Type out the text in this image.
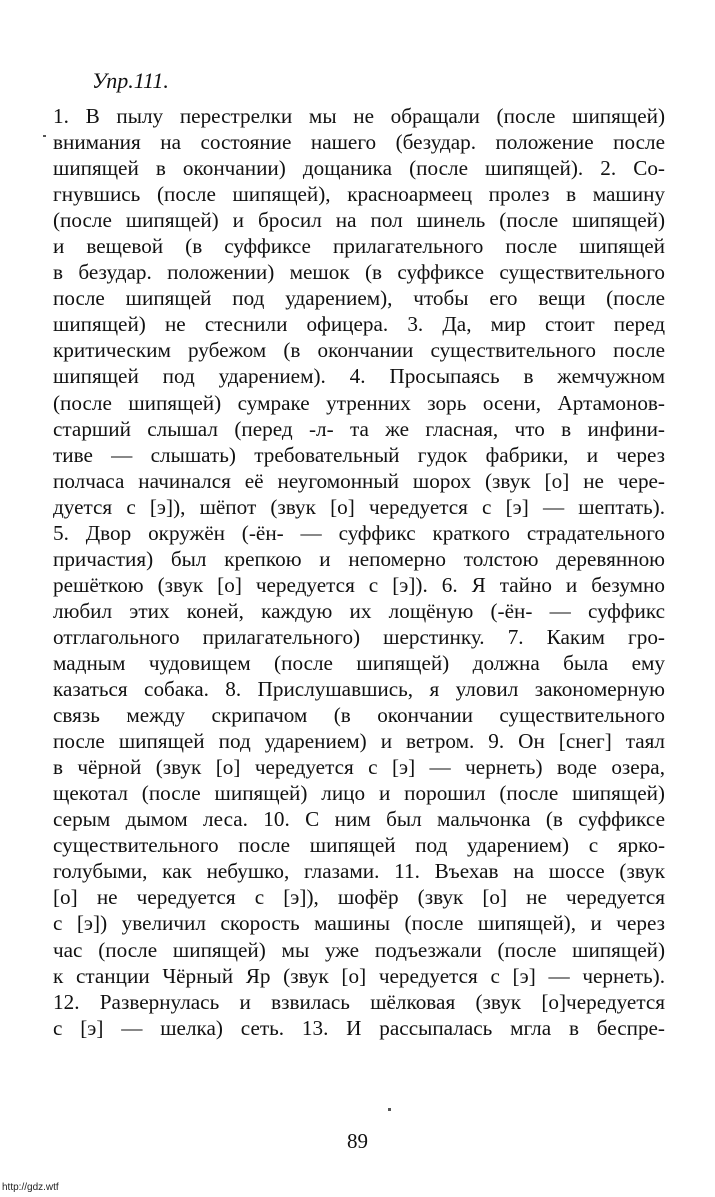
Упр.111.
1. В пылу перестрелки мы не обращали (после шипящей)
внимания на состояние нашего (безудар. положение после
шипящей в окончании) дощаника (после шипящей). 2. Со-
гнувшись (после шипящей), красноармеец пролез в машину
(после шипящей) и бросил на пол шинель (после шипящей)
и вещевой (в суффиксе прилагательного после шипящей
в безудар. положении) мешок (в суффиксе существительного
после шипящей под ударением), чтобы его вещи (после
шипящей) не стеснили офицера. 3. Да, мир стоит перед
критическим рубежом (в окончании существительного после
шипящей под ударением). 4. Просыпаясь в жемчужном
(после шипящей) сумраке утренних зорь осени, Артамонов-
старший слышал (перед -л- та же гласная, что в инфини-
тиве — слышать) требовательный гудок фабрики, и через
полчаса начинался её неугомонный шорох (звук [о] не чере-
дуется с [э]), шёпот (звук [о] чередуется с [э] — шептать).
5. Двор окружён (-ён- — суффикс краткого страдательного
причастия) был крепкою и непомерно толстою деревянною
решёткою (звук [о] чередуется с [э]). 6. Я тайно и безумно
любил этих коней, каждую их лощёную (-ён- — суффикс
отглагольного прилагательного) шерстинку. 7. Каким гро-
мадным чудовищем (после шипящей) должна была ему
казаться собака. 8. Прислушавшись, я уловил закономерную
связь между скрипачом (в окончании существительного
после шипящей под ударением) и ветром. 9. Он [снег] таял
в чёрной (звук [о] чередуется с [э] — чернеть) воде озера,
щекотал (после шипящей) лицо и порошил (после шипящей)
серым дымом леса. 10. С ним был мальчонка (в суффиксе
существительного после шипящей под ударением) с ярко-
голубыми, как небушко, глазами. 11. Въехав на шоссе (звук
[о] не чередуется с [э]), шофёр (звук [о] не чередуется
с [э]) увеличил скорость машины (после шипящей), и через
час (после шипящей) мы уже подъезжали (после шипящей)
к станции Чёрный Яр (звук [о] чередуется с [э] — чернеть).
12. Развернулась и взвилась шёлковая (звук [о]чередуется
с [э] — шелка) сеть. 13. И рассыпалась мгла в беспре-
89
http://gdz.wtf
